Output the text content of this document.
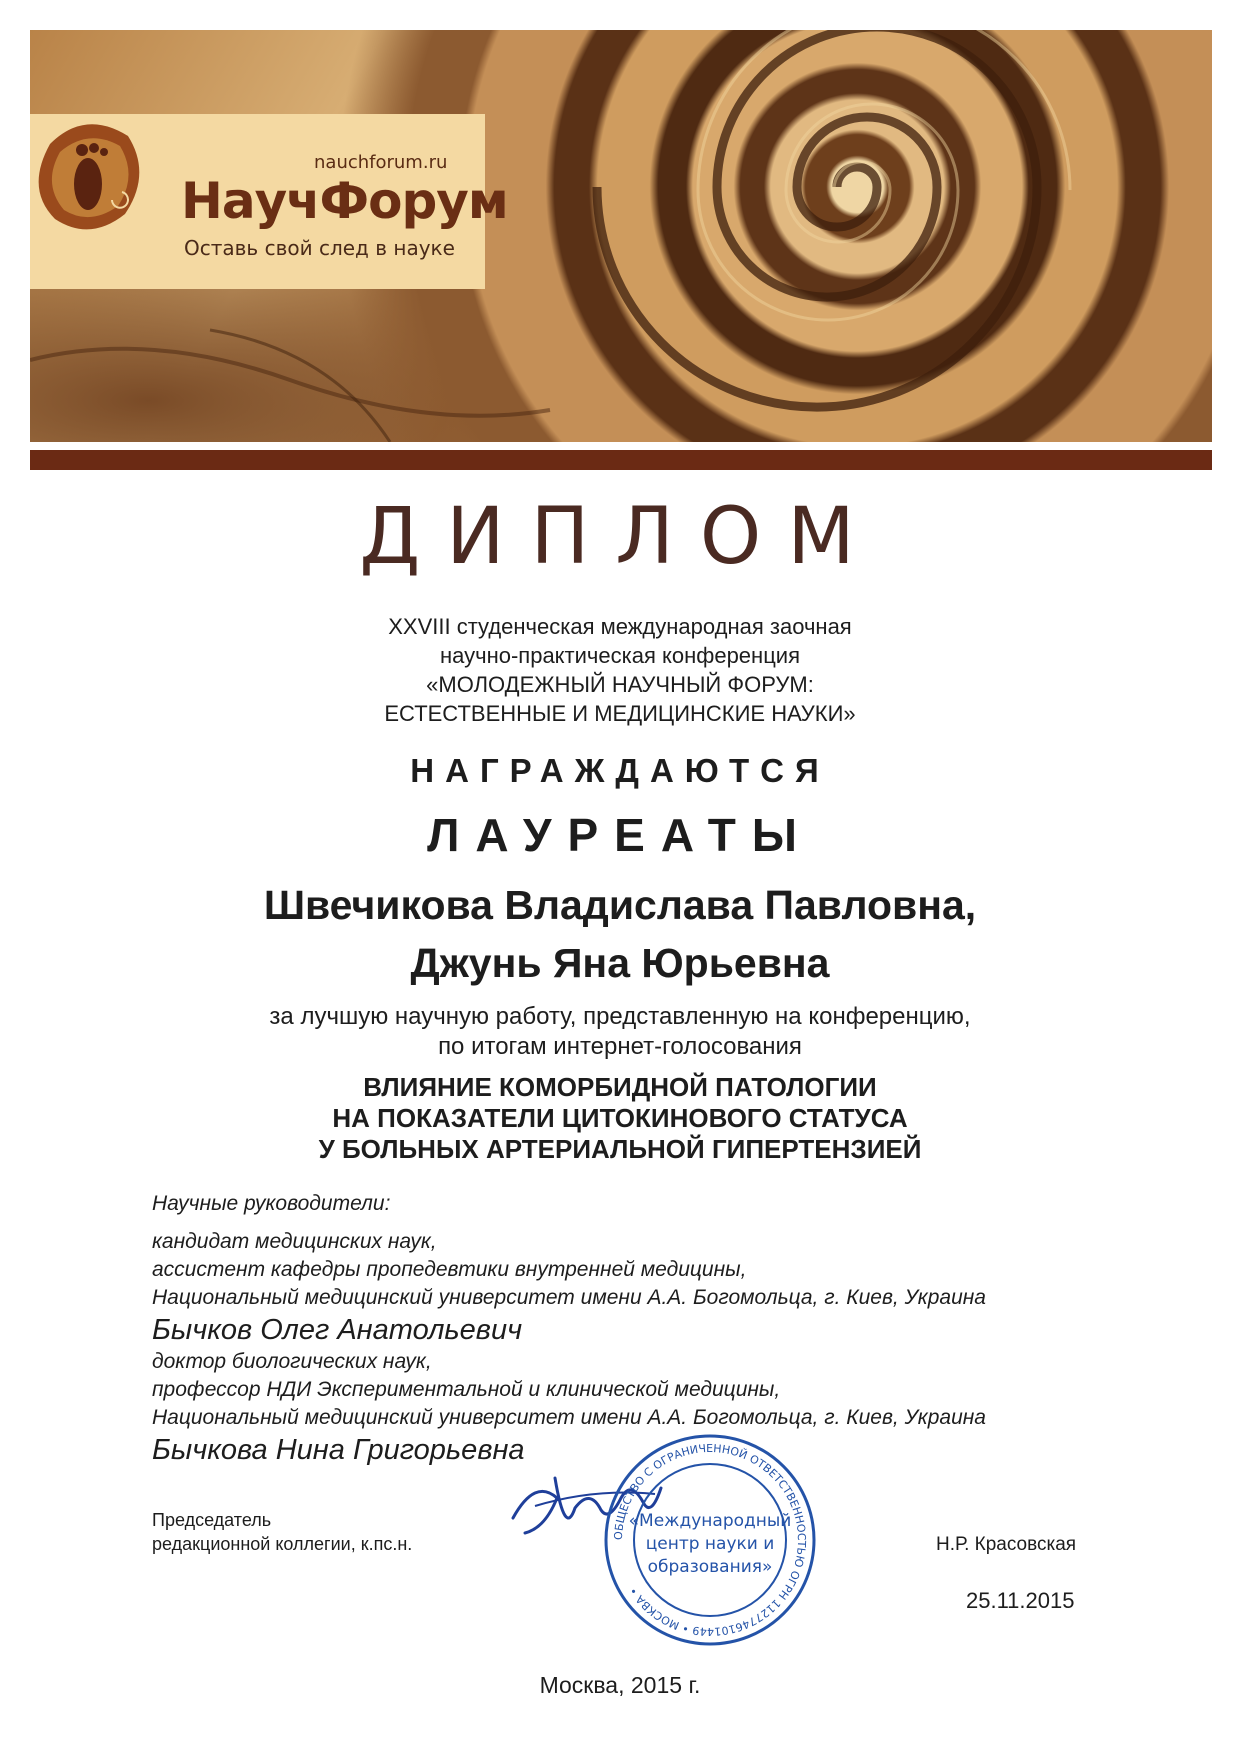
nauchforum.ru
НаучФорум
Оставь свой след в науке
ДИПЛОМ
XXVIII студенческая международная заочная
научно-практическая конференция
«МОЛОДЕЖНЫЙ НАУЧНЫЙ ФОРУМ:
ЕСТЕСТВЕННЫЕ И МЕДИЦИНСКИЕ НАУКИ»
НАГРАЖДАЮТСЯ
ЛАУРЕАТЫ
Швечикова Владислава Павловна,
Джунь Яна Юрьевна
за лучшую научную работу, представленную на конференцию,
по итогам интернет-голосования
ВЛИЯНИЕ КОМОРБИДНОЙ ПАТОЛОГИИ
НА ПОКАЗАТЕЛИ ЦИТОКИНОВОГО СТАТУСА
У БОЛЬНЫХ АРТЕРИАЛЬНОЙ ГИПЕРТЕНЗИЕЙ
Научные руководители:
кандидат медицинских наук,
ассистент кафедры пропедевтики внутренней медицины,
Национальный медицинский университет имени А.А. Богомольца, г. Киев, Украина
Бычков Олег Анатольевич
доктор биологических наук,
профессор НДИ Экспериментальной и клинической медицины,
Национальный медицинский университет имени А.А. Богомольца, г. Киев, Украина
Бычкова Нина Григорьевна
Председатель
редакционной коллегии, к.пс.н.	ОБЩЕСТВО С ОГРАНИЧЕННОЙ ОТВЕТСТВЕННОСТЬЮ ОГРН 1127746101449 • МОСКВА •
«Международный
центр науки и
образования»
Н.Р. Красовская
25.11.2015
Москва, 2015 г.
